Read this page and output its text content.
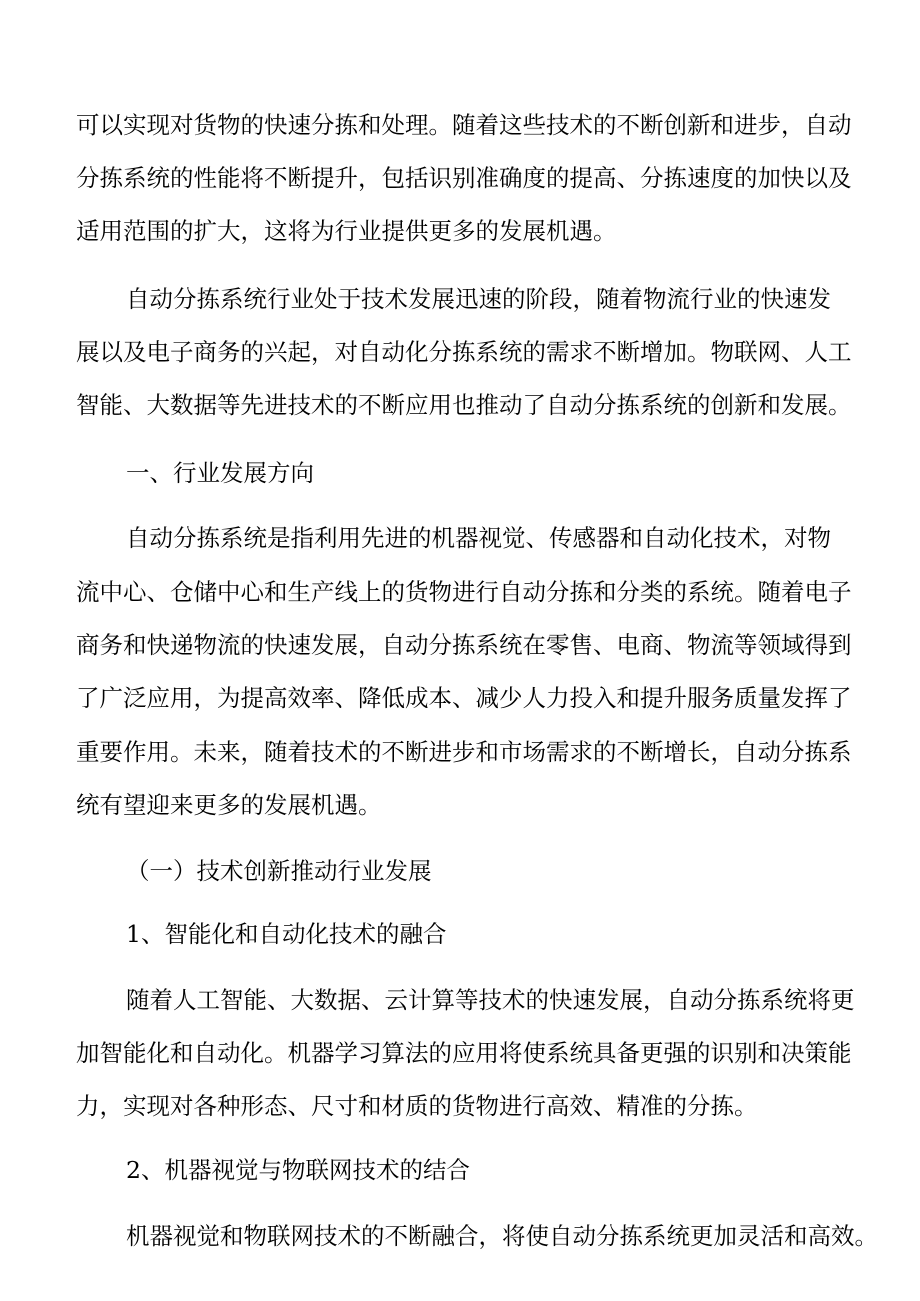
可以实现对货物的快速分拣和处理。随着这些技术的不断创新和进步，自动
分拣系统的性能将不断提升，包括识别准确度的提高、分拣速度的加快以及
适用范围的扩大，这将为行业提供更多的发展机遇。
自动分拣系统行业处于技术发展迅速的阶段，随着物流行业的快速发
展以及电子商务的兴起，对自动化分拣系统的需求不断增加。物联网、人工
智能、大数据等先进技术的不断应用也推动了自动分拣系统的创新和发展。
一、行业发展方向
自动分拣系统是指利用先进的机器视觉、传感器和自动化技术，对物
流中心、仓储中心和生产线上的货物进行自动分拣和分类的系统。随着电子
商务和快递物流的快速发展，自动分拣系统在零售、电商、物流等领域得到
了广泛应用，为提高效率、降低成本、减少人力投入和提升服务质量发挥了
重要作用。未来，随着技术的不断进步和市场需求的不断增长，自动分拣系
统有望迎来更多的发展机遇。
（一）技术创新推动行业发展
1、智能化和自动化技术的融合
随着人工智能、大数据、云计算等技术的快速发展，自动分拣系统将更
加智能化和自动化。机器学习算法的应用将使系统具备更强的识别和决策能
力，实现对各种形态、尺寸和材质的货物进行高效、精准的分拣。
2、机器视觉与物联网技术的结合
机器视觉和物联网技术的不断融合，将使自动分拣系统更加灵活和高效。
